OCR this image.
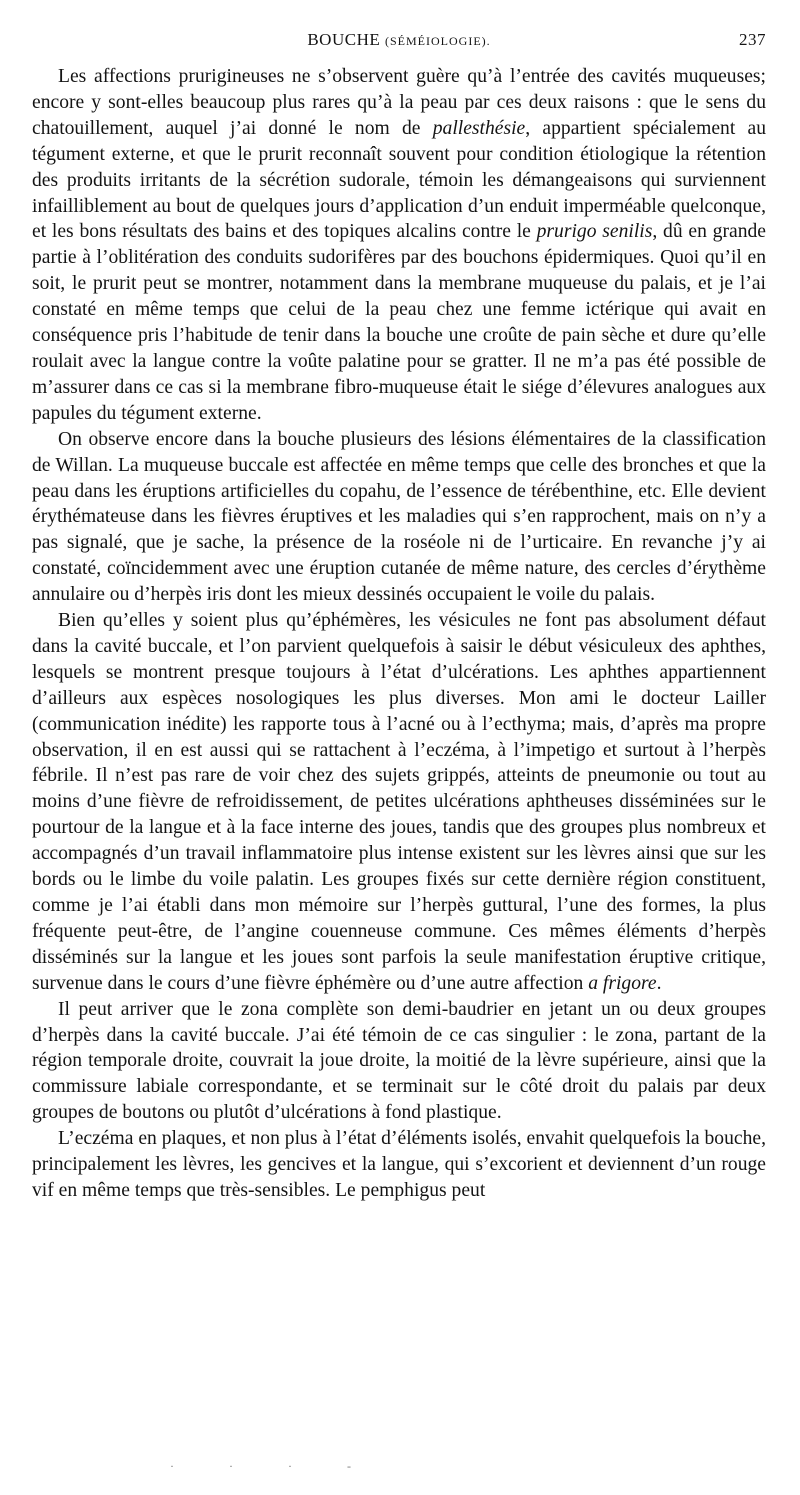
BOUCHE (SÉMÉIOLOGIE).	237

Les affections prurigineuses ne s’observent guère qu’à l’entrée des cavités muqueuses; encore y sont-elles beaucoup plus rares qu’à la peau par ces deux raisons : que le sens du chatouillement, auquel j’ai donné le nom de pallesthésie, appartient spécialement au tégument externe, et que le prurit reconnaît souvent pour condition étiologique la rétention des produits irritants de la sécrétion sudorale, témoin les démangeaisons qui surviennent infailliblement au bout de quelques jours d’application d’un enduit imperméable quelconque, et les bons résultats des bains et des topiques alcalins contre le prurigo senilis, dû en grande partie à l’oblitération des conduits sudorifères par des bouchons épidermiques. Quoi qu’il en soit, le prurit peut se montrer, notamment dans la membrane muqueuse du palais, et je l’ai constaté en même temps que celui de la peau chez une femme ictérique qui avait en conséquence pris l’habitude de tenir dans la bouche une croûte de pain sèche et dure qu’elle roulait avec la langue contre la voûte palatine pour se gratter. Il ne m’a pas été possible de m’assurer dans ce cas si la membrane fibro-muqueuse était le siége d’élevures analogues aux papules du tégument externe.

On observe encore dans la bouche plusieurs des lésions élémentaires de la classification de Willan. La muqueuse buccale est affectée en même temps que celle des bronches et que la peau dans les éruptions artificielles du copahu, de l’essence de térébenthine, etc. Elle devient érythémateuse dans les fièvres éruptives et les maladies qui s’en rapprochent, mais on n’y a pas signalé, que je sache, la présence de la roséole ni de l’urticaire. En revanche j’y ai constaté, coïncidemment avec une éruption cutanée de même nature, des cercles d’érythème annulaire ou d’herpès iris dont les mieux dessinés occupaient le voile du palais.

Bien qu’elles y soient plus qu’éphémères, les vésicules ne font pas absolument défaut dans la cavité buccale, et l’on parvient quelquefois à saisir le début vésiculeux des aphthes, lesquels se montrent presque toujours à l’état d’ulcérations. Les aphthes appartiennent d’ailleurs aux espèces nosologiques les plus diverses. Mon ami le docteur Lailler (communication inédite) les rapporte tous à l’acné ou à l’ecthyma; mais, d’après ma propre observation, il en est aussi qui se rattachent à l’eczéma, à l’impetigo et surtout à l’herpès fébrile. Il n’est pas rare de voir chez des sujets grippés, atteints de pneumonie ou tout au moins d’une fièvre de refroidissement, de petites ulcérations aphtheuses disséminées sur le pourtour de la langue et à la face interne des joues, tandis que des groupes plus nombreux et accompagnés d’un travail inflammatoire plus intense existent sur les lèvres ainsi que sur les bords ou le limbe du voile palatin. Les groupes fixés sur cette dernière région constituent, comme je l’ai établi dans mon mémoire sur l’herpès guttural, l’une des formes, la plus fréquente peut-être, de l’angine couenneuse commune. Ces mêmes éléments d’herpès disséminés sur la langue et les joues sont parfois la seule manifestation éruptive critique, survenue dans le cours d’une fièvre éphémère ou d’une autre affection a frigore.

Il peut arriver que le zona complète son demi-baudrier en jetant un ou deux groupes d’herpès dans la cavité buccale. J’ai été témoin de ce cas singulier : le zona, partant de la région temporale droite, couvrait la joue droite, la moitié de la lèvre supérieure, ainsi que la commissure labiale correspondante, et se terminait sur le côté droit du palais par deux groupes de boutons ou plutôt d’ulcérations à fond plastique.

L’eczéma en plaques, et non plus à l’état d’éléments isolés, envahit quelquefois la bouche, principalement les lèvres, les gencives et la langue, qui s’excorient et deviennent d’un rouge vif en même temps que très-sensibles. Le pemphigus peut

· · · -
